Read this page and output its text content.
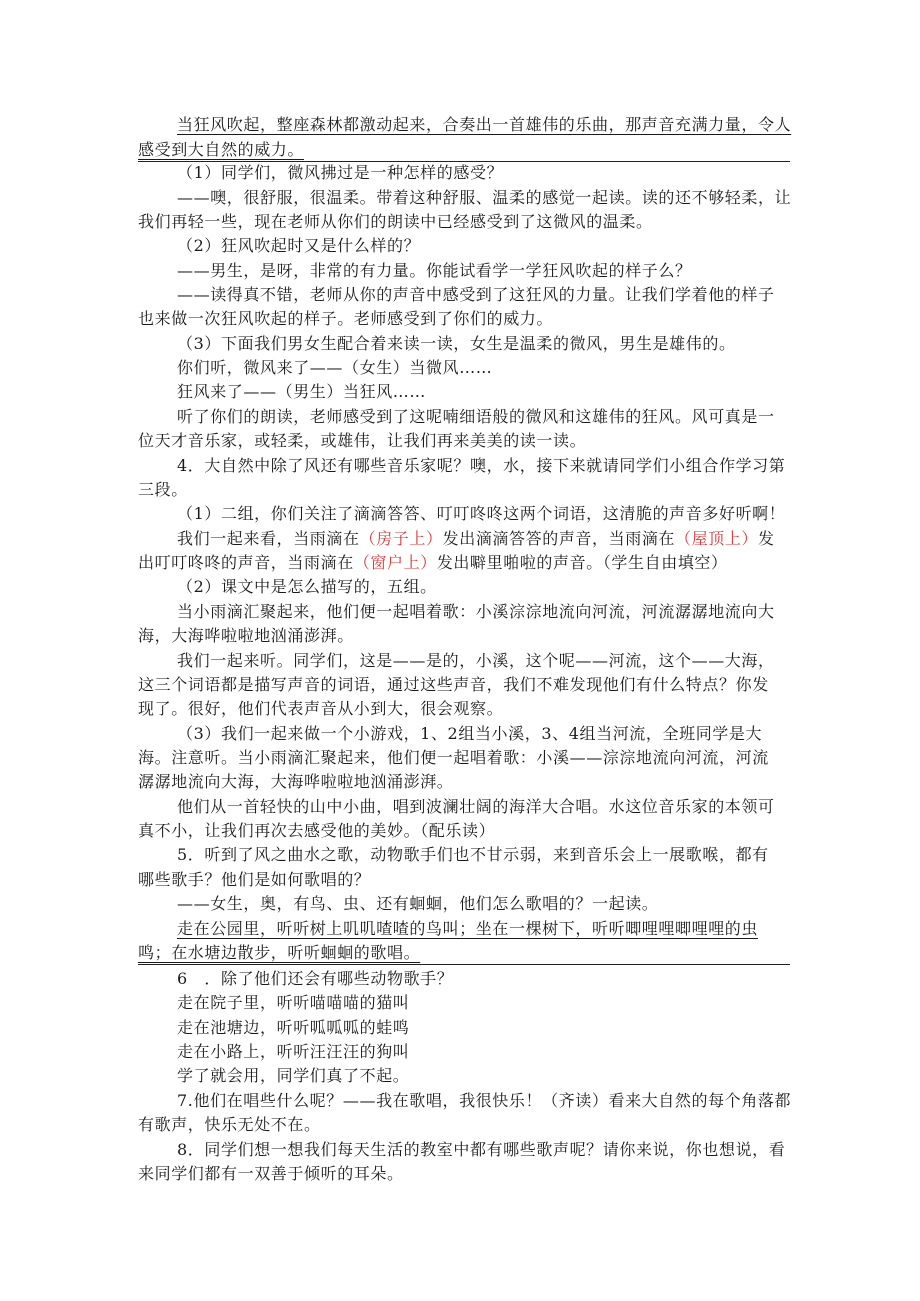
当狂风吹起，整座森林都激动起来，合奏出一首雄伟的乐曲，那声音充满力量，令人
感受到大自然的威力。
（1）同学们，微风拂过是一种怎样的感受？
——噢，很舒服，很温柔。带着这种舒服、温柔的感觉一起读。读的还不够轻柔，让
我们再轻一些，现在老师从你们的朗读中已经感受到了这微风的温柔。
（2）狂风吹起时又是什么样的？
——男生，是呀，非常的有力量。你能试看学一学狂风吹起的样子么？
——读得真不错，老师从你的声音中感受到了这狂风的力量。让我们学着他的样子
也来做一次狂风吹起的样子。老师感受到了你们的威力。
（3）下面我们男女生配合着来读一读，女生是温柔的微风，男生是雄伟的。
你们听，微风来了——（女生）当微风……
狂风来了——（男生）当狂风……
听了你们的朗读，老师感受到了这呢喃细语般的微风和这雄伟的狂风。风可真是一
位天才音乐家，或轻柔，或雄伟，让我们再来美美的读一读。
4．大自然中除了风还有哪些音乐家呢？噢，水，接下来就请同学们小组合作学习第
三段。
（1）二组，你们关注了滴滴答答、叮叮咚咚这两个词语，这清脆的声音多好听啊！
我们一起来看，当雨滴在（房子上）发出滴滴答答的声音，当雨滴在（屋顶上）发
出叮叮咚咚的声音，当雨滴在（窗户上）发出噼里啪啦的声音。（学生自由填空）
（2）课文中是怎么描写的，五组。
当小雨滴汇聚起来，他们便一起唱着歌：小溪淙淙地流向河流，河流潺潺地流向大
海，大海哗啦啦地汹涌澎湃。
我们一起来听。同学们，这是——是的，小溪，这个呢——河流，这个——大海，
这三个词语都是描写声音的词语，通过这些声音，我们不难发现他们有什么特点？你发
现了。很好，他们代表声音从小到大，很会观察。
（3）我们一起来做一个小游戏，1、2组当小溪，3、4组当河流，全班同学是大
海。注意听。当小雨滴汇聚起来，他们便一起唱着歌：小溪——淙淙地流向河流，河流
潺潺地流向大海，大海哗啦啦地汹涌澎湃。
他们从一首轻快的山中小曲，唱到波澜壮阔的海洋大合唱。水这位音乐家的本领可
真不小，让我们再次去感受他的美妙。（配乐读）
5．听到了风之曲水之歌，动物歌手们也不甘示弱，来到音乐会上一展歌喉，都有
哪些歌手？他们是如何歌唱的？
——女生，奥，有鸟、虫、还有蛔蛔，他们怎么歌唱的？一起读。
走在公园里，听听树上叽叽喳喳的鸟叫；坐在一棵树下，听听唧哩哩唧哩哩的虫
鸣；在水塘边散步，听听蛔蛔的歌唱。
6　．除了他们还会有哪些动物歌手？
走在院子里，听听喵喵喵的猫叫
走在池塘边，听听呱呱呱的蛙鸣
走在小路上，听听汪汪汪的狗叫
学了就会用，同学们真了不起。
7.他们在唱些什么呢？——我在歌唱，我很快乐！（齐读）看来大自然的每个角落都
有歌声，快乐无处不在。
8．同学们想一想我们每天生活的教室中都有哪些歌声呢？请你来说，你也想说，看
来同学们都有一双善于倾听的耳朵。
